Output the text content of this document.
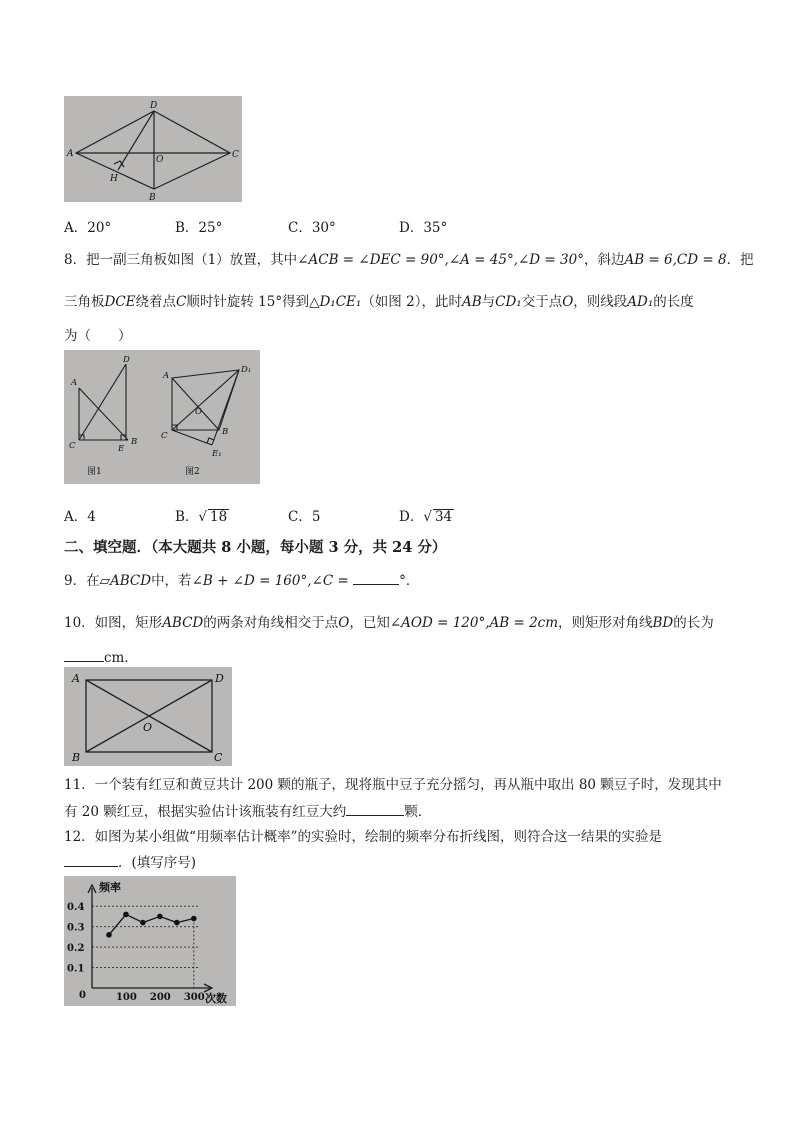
D
A	C
O
H
B
A．20°	B．25°	C．30°	D．35°
8．把一副三角板如图（1）放置，其中∠ACB = ∠DEC = 90°,∠A = 45°,∠D = 30°，斜边AB = 6,CD = 8．把
三角板DCE绕着点C顺时针旋转 15°得到△D₁CE₁（如图 2），此时AB与CD₁交于点O，则线段AD₁的长度
为（　　）
A
D
C	E
B
图1
A
D₁
O
C	B
E₁
图2
A．4	B．√ 18	C．5	D．√ 34
二、填空题．（本大题共 8 小题，每小题 3 分，共 24 分）
9．在▱ABCD中，若∠B + ∠D = 160°,∠C =	°．
10．如图，矩形ABCD的两条对角线相交于点O，已知∠AOD = 120°,AB = 2cm，则矩形对角线BD的长为
cm．
A	D
B	C
O
11．一个装有红豆和黄豆共计 200 颗的瓶子，现将瓶中豆子充分摇匀，再从瓶中取出 80 颗豆子时，发现其中
有 20 颗红豆，根据实验估计该瓶装有红豆大约	颗．
12．如图为某小组做“用频率估计概率”的实验时，绘制的频率分布折线图，则符合这一结果的实验是
．(填写序号)
0.4
0.3
0.2
0.1
100 200 300
频率
次数
0
